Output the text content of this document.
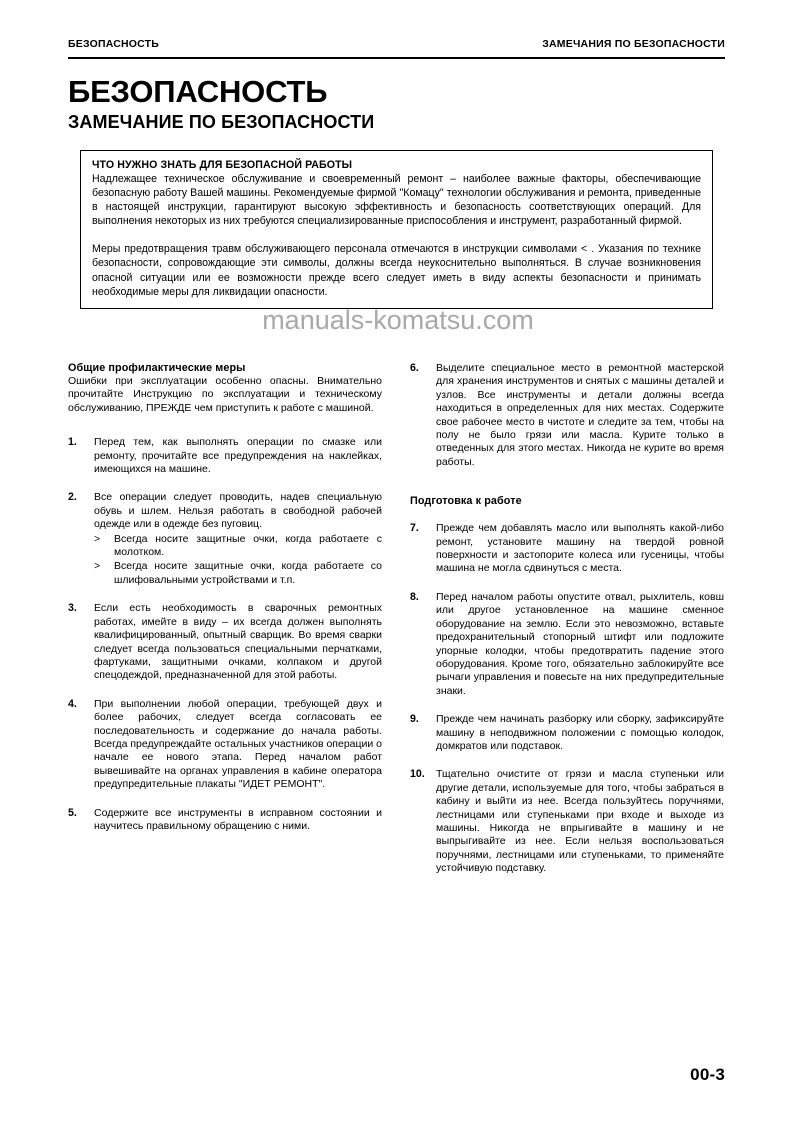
БЕЗОПАСНОСТЬ	ЗАМЕЧАНИЯ ПО БЕЗОПАСНОСТИ
БЕЗОПАСНОСТЬ
ЗАМЕЧАНИЕ ПО БЕЗОПАСНОСТИ
ЧТО НУЖНО ЗНАТЬ ДЛЯ БЕЗОПАСНОЙ РАБОТЫ

Надлежащее техническое обслуживание и своевременный ремонт – наиболее важные факторы, обеспечивающие безопасную работу Вашей машины. Рекомендуемые фирмой "Комацу" технологии обслуживания и ремонта, приведенные в настоящей инструкции, гарантируют высокую эффективность и безопасность соответствующих операций. Для выполнения некоторых из них требуются специализированные приспособления и инструмент, разработанный фирмой.

Меры предотвращения травм обслуживающего персонала отмечаются в инструкции символами < . Указания по технике безопасности, сопровождающие эти символы, должны всегда неукоснительно выполняться. В случае возникновения опасной ситуации или ее возможности прежде всего следует иметь в виду аспекты безопасности и принимать необходимые меры для ликвидации опасности.

manuals-komatsu.com
Общие профилактические меры

Ошибки при эксплуатации особенно опасны. Внимательно прочитайте Инструкцию по эксплуатации и техническому обслуживанию, ПРЕЖДЕ чем приступить к работе с машиной.

1.	Перед тем, как выполнять операции по смазке или ремонту, прочитайте все предупреждения на наклейках, имеющихся на машине.

2.	Все операции следует проводить, надев специальную обувь и шлем. Нельзя работать в свободной рабочей одежде или в одежде без пуговиц.

>	Всегда носите защитные очки, когда работаете с молотком.
>	Всегда носите защитные очки, когда работаете со шлифовальными устройствами и т.п.
3.	Если есть необходимость в сварочных ремонтных работах, имейте в виду – их всегда должен выполнять квалифицированный, опытный сварщик. Во время сварки следует всегда пользоваться специальными перчатками, фартуками, защитными очками, колпаком и другой спецодеждой, предназначенной для этой работы.

4.	При выполнении любой операции, требующей двух и более рабочих, следует всегда согласовать ее последовательность и содержание до начала работы. Всегда предупреждайте остальных участников операции о начале ее нового этапа. Перед началом работ вывешивайте на органах управления в кабине оператора предупредительные плакаты "ИДЕТ РЕМОНТ".

5.	Содержите все инструменты в исправном состоянии и научитесь правильному обращению с ними.

6.	Выделите специальное место в ремонтной мастерской для хранения инструментов и снятых с машины деталей и узлов. Все инструменты и детали должны всегда находиться в определенных для них местах. Содержите свое рабочее место в чистоте и следите за тем, чтобы на полу не было грязи или масла. Курите только в отведенных для этого местах. Никогда не курите во время работы.

Подготовка к работе
7.	Прежде чем добавлять масло или выполнять какой-либо ремонт, установите машину на твердой ровной поверхности и застопорите колеса или гусеницы, чтобы машина не могла сдвинуться с места.

8.	Перед началом работы опустите отвал, рыхлитель, ковш или другое установленное на машине сменное оборудование на землю. Если это невозможно, вставьте предохранительный стопорный штифт или подложите упорные колодки, чтобы предотвратить падение этого оборудования. Кроме того, обязательно заблокируйте все рычаги управления и повесьте на них предупредительные знаки.

9.	Прежде чем начинать разборку или сборку, зафиксируйте машину в неподвижном положении с помощью колодок, домкратов или подставок.

10.	Тщательно очистите от грязи и масла ступеньки или другие детали, используемые для того, чтобы забраться в кабину и выйти из нее. Всегда пользуйтесь поручнями, лестницами или ступеньками при входе и выходе из машины. Никогда не впрыгивайте в машину и не выпрыгивайте из нее. Если нельзя воспользоваться поручнями, лестницами или ступеньками, то применяйте устойчивую подставку.

00-3
